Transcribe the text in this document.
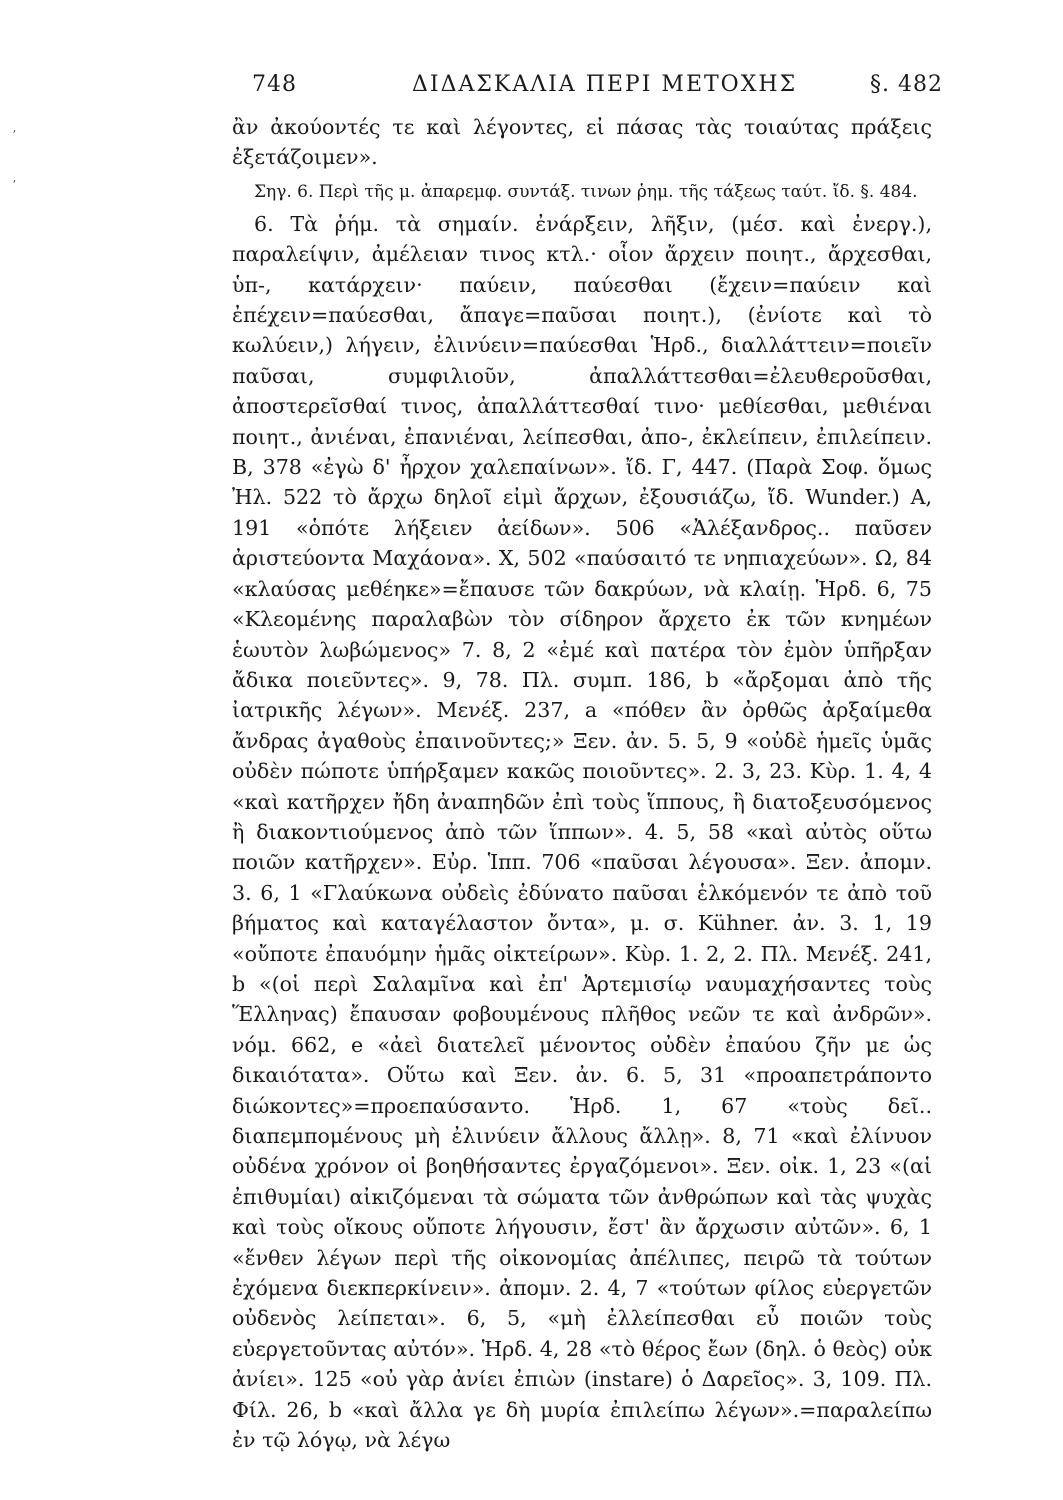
ʼ
ʼ
748	ΔΙΔΑΣΚΑΛΙΑ ΠΕΡΙ ΜΕΤΟΧΗΣ	§. 482

ἂν ἀκούοντές τε καὶ λέγοντες, εἰ πάσας τὰς τοιαύτας πράξεις ἐξετάζοιμεν».

Σηγ. 6. Περὶ τῆς μ. ἀπαρεμφ. συντάξ. τινων ῥημ. τῆς τάξεως ταύτ. ἴδ. §. 484.

6. Τὰ ῥήμ. τὰ σημαίν. ἐνάρξειν, λῆξιν, (μέσ. καὶ ἐνεργ.), παραλείψιν, ἀμέλειαν τινος κτλ.· οἷον ἄρχειν ποιητ., ἄρχεσθαι, ὑπ-, κατάρχειν· παύειν, παύεσθαι (ἔχειν=παύειν καὶ ἐπέχειν=παύεσθαι, ἄπαγε=παῦσαι ποιητ.), (ἐνίοτε καὶ τὸ κωλύειν,) λήγειν, ἐλινύειν=παύεσθαι Ἡρδ., διαλλάττειν=ποιεῖν παῦσαι, συμφιλιοῦν, ἀπαλλάττεσθαι=ἐλευθεροῦσθαι, ἀποστερεῖσθαί τινος, ἀπαλλάττεσθαί τινο· μεθίεσθαι, μεθιέναι ποιητ., ἀνιέναι, ἐπανιέναι, λείπεσθαι, ἀπο-, ἐκλείπειν, ἐπιλείπειν. Β, 378 «ἐγὼ δ' ἦρχον χαλεπαίνων». ἴδ. Γ, 447. (Παρὰ Σοφ. ὅμως Ἠλ. 522 τὸ ἄρχω δηλοῖ εἰμὶ ἄρχων, ἐξουσιάζω, ἴδ. Wunder.) Α, 191 «ὁπότε λήξειεν ἀείδων». 506 «Ἀλέξανδρος.. παῦσεν ἀριστεύοντα Μαχάονα». Χ, 502 «παύσαιτό τε νηπιαχεύων». Ω, 84 «κλαύσας μεθέηκε»=ἔπαυσε τῶν δακρύων, νὰ κλαίῃ. Ἡρδ. 6, 75 «Κλεομένης παραλαβὼν τὸν σίδηρον ἄρχετο ἐκ τῶν κνημέων ἑωυτὸν λωβώμενος» 7. 8, 2 «ἐμέ καὶ πατέρα τὸν ἐμὸν ὑπῆρξαν ἄδικα ποιεῦντες». 9, 78. Πλ. συμπ. 186, b «ἄρξομαι ἀπὸ τῆς ἰατρικῆς λέγων». Μενέξ. 237, a «πόθεν ἂν ὀρθῶς ἀρξαίμεθα ἄνδρας ἀγαθοὺς ἐπαινοῦντες;» Ξεν. ἀν. 5. 5, 9 «οὐδὲ ἡμεῖς ὑμᾶς οὐδὲν πώποτε ὑπήρξαμεν κακῶς ποιοῦντες». 2. 3, 23. Κὺρ. 1. 4, 4 «καὶ κατῆρχεν ἤδη ἀναπηδῶν ἐπὶ τοὺς ἵππους, ἢ διατοξευσόμενος ἢ διακοντιούμενος ἀπὸ τῶν ἵππων». 4. 5, 58 «καὶ αὐτὸς οὕτω ποιῶν κατῆρχεν». Εὐρ. Ἱππ. 706 «παῦσαι λέγουσα». Ξεν. ἀπομν. 3. 6, 1 «Γλαύκωνα οὐδεὶς ἐδύνατο παῦσαι ἑλκόμενόν τε ἀπὸ τοῦ βήματος καὶ καταγέλαστον ὄντα», μ. σ. Kühner. ἀν. 3. 1, 19 «οὔποτε ἐπαυόμην ἡμᾶς οἰκτείρων». Κὺρ. 1. 2, 2. Πλ. Μενέξ. 241, b «(οἱ περὶ Σαλαμῖνα καὶ ἐπ' Ἀρτεμισίῳ ναυμαχήσαντες τοὺς Ἕλληνας) ἔπαυσαν φοβουμένους πλῆθος νεῶν τε καὶ ἀνδρῶν». νόμ. 662, e «ἀεὶ διατελεῖ μένοντος οὐδὲν ἐπαύου ζῆν με ὡς δικαιότατα». Οὕτω καὶ Ξεν. ἀν. 6. 5, 31 «προαπετράποντο διώκοντες»=προεπαύσαντο. Ἡρδ. 1, 67 «τοὺς δεῖ.. διαπεμπομένους μὴ ἐλινύειν ἄλλους ἄλλῃ». 8, 71 «καὶ ἐλίνυον οὐδένα χρόνον οἱ βοηθήσαντες ἐργαζόμενοι». Ξεν. οἰκ. 1, 23 «(αἱ ἐπιθυμίαι) αἰκιζόμεναι τὰ σώματα τῶν ἀνθρώπων καὶ τὰς ψυχὰς καὶ τοὺς οἴκους οὔποτε λήγουσιν, ἔστ' ἂν ἄρχωσιν αὐτῶν». 6, 1 «ἔνθεν λέγων περὶ τῆς οἰκονομίας ἀπέλιπες, πειρῶ τὰ τούτων ἐχόμενα διεκπερκίνειν». ἀπομν. 2. 4, 7 «τούτων φίλος εὐεργετῶν οὐδενὸς λείπεται». 6, 5, «μὴ ἐλλείπεσθαι εὖ ποιῶν τοὺς εὐεργετοῦντας αὐτόν». Ἡρδ. 4, 28 «τὸ θέρος ἔων (δηλ. ὁ θεὸς) οὐκ ἀνίει». 125 «οὐ γὰρ ἀνίει ἐπιὼν (instare) ὁ Δαρεῖος». 3, 109. Πλ. Φίλ. 26, b «καὶ ἄλλα γε δὴ μυρία ἐπιλείπω λέγων».=παραλείπω ἐν τῷ λόγῳ, νὰ λέγω
